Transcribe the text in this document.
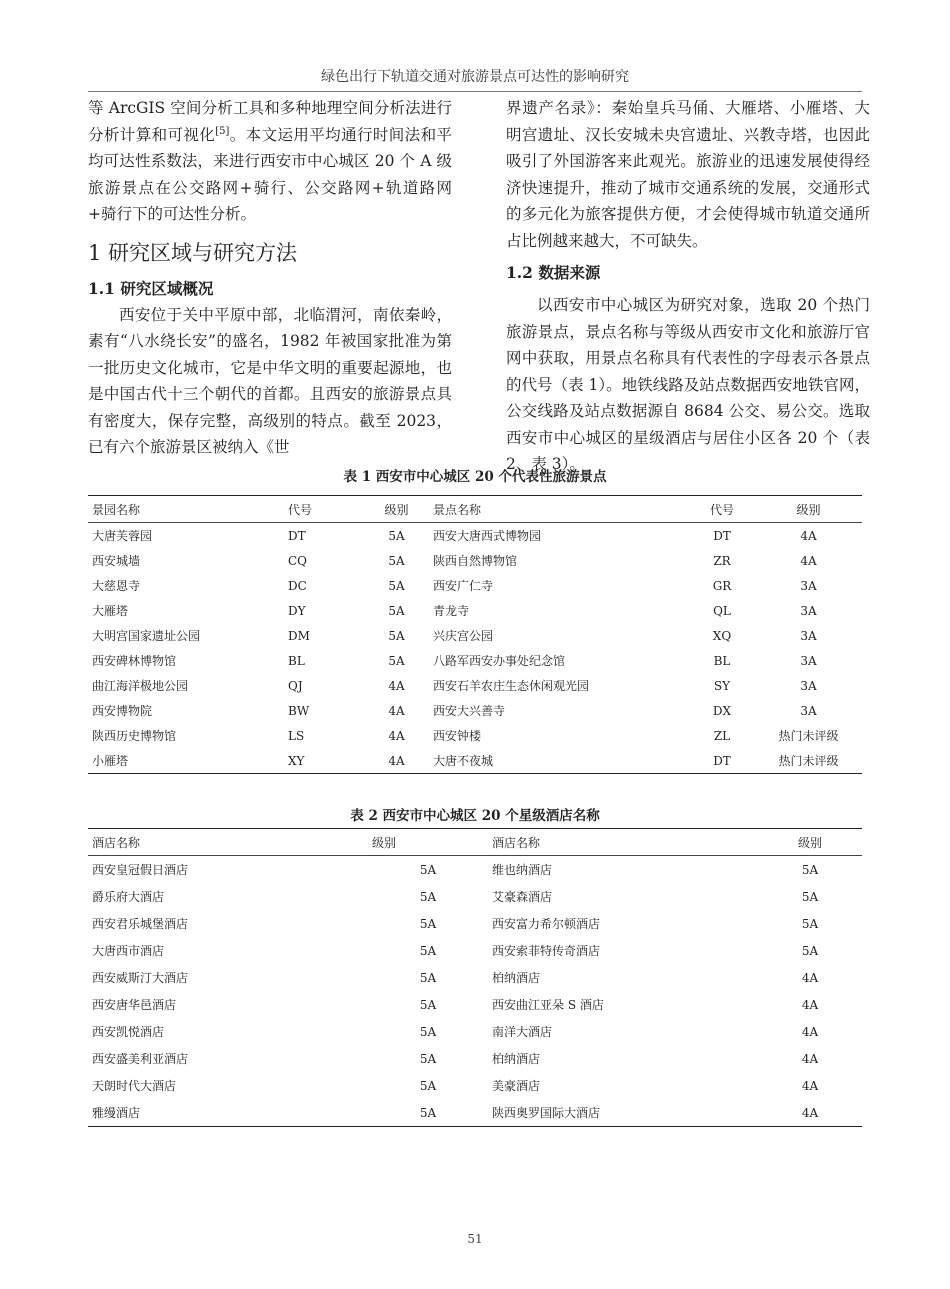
绿色出行下轨道交通对旅游景点可达性的影响研究

等 ArcGIS 空间分析工具和多种地理空间分析法进行分析计算和可视化[5]。本文运用平均通行时间法和平均可达性系数法，来进行西安市中心城区 20 个 A 级旅游景点在公交路网+骑行、公交路网+轨道路网+骑行下的可达性分析。

1 研究区域与研究方法
1.1 研究区域概况

西安位于关中平原中部，北临渭河，南依秦岭，素有“八水绕长安”的盛名，1982 年被国家批准为第一批历史文化城市，它是中华文明的重要起源地，也是中国古代十三个朝代的首都。且西安的旅游景点具有密度大，保存完整，高级别的特点。截至 2023，已有六个旅游景区被纳入《世

界遗产名录》：秦始皇兵马俑、大雁塔、小雁塔、大明宫遗址、汉长安城未央宫遗址、兴教寺塔，也因此吸引了外国游客来此观光。旅游业的迅速发展使得经济快速提升，推动了城市交通系统的发展，交通形式的多元化为旅客提供方便，才会使得城市轨道交通所占比例越来越大，不可缺失。

1.2 数据来源

以西安市中心城区为研究对象，选取 20 个热门旅游景点，景点名称与等级从西安市文化和旅游厅官网中获取，用景点名称具有代表性的字母表示各景点的代号（表 1）。地铁线路及站点数据西安地铁官网，公交线路及站点数据源自 8684 公交、易公交。选取西安市中心城区的星级酒店与居住小区各 20 个（表 2、表 3）。

表 1 西安市中心城区 20 个代表性旅游景点
景园名称	代号	级别	景点名称	代号	级别
大唐芙蓉园	DT	5A	西安大唐西式博物园	DT	4A
西安城墙	CQ	5A	陕西自然博物馆	ZR	4A
大慈恩寺	DC	5A	西安广仁寺	GR	3A
大雁塔	DY	5A	青龙寺	QL	3A
大明宫国家遗址公园	DM	5A	兴庆宫公园	XQ	3A
西安碑林博物馆	BL	5A	八路军西安办事处纪念馆	BL	3A
曲江海洋极地公园	QJ	4A	西安石羊农庄生态休闲观光园	SY	3A
西安博物院	BW	4A	西安大兴善寺	DX	3A
陕西历史博物馆	LS	4A	西安钟楼	ZL	热门未评级
小雁塔	XY	4A	大唐不夜城	DT	热门未评级
表 2 西安市中心城区 20 个星级酒店名称
酒店名称	级别	酒店名称	级别
西安皇冠假日酒店	5A	维也纳酒店	5A
爵乐府大酒店	5A	艾豪森酒店	5A
西安君乐城堡酒店	5A	西安富力希尔顿酒店	5A
大唐西市酒店	5A	西安索菲特传奇酒店	5A
西安威斯汀大酒店	5A	柏纳酒店	4A
西安唐华邑酒店	5A	西安曲江亚朵 S 酒店	4A
西安凯悦酒店	5A	南洋大酒店	4A
西安盛美利亚酒店	5A	柏纳酒店	4A
天朗时代大酒店	5A	美豪酒店	4A
雅缦酒店	5A	陕西奥罗国际大酒店	4A
51
